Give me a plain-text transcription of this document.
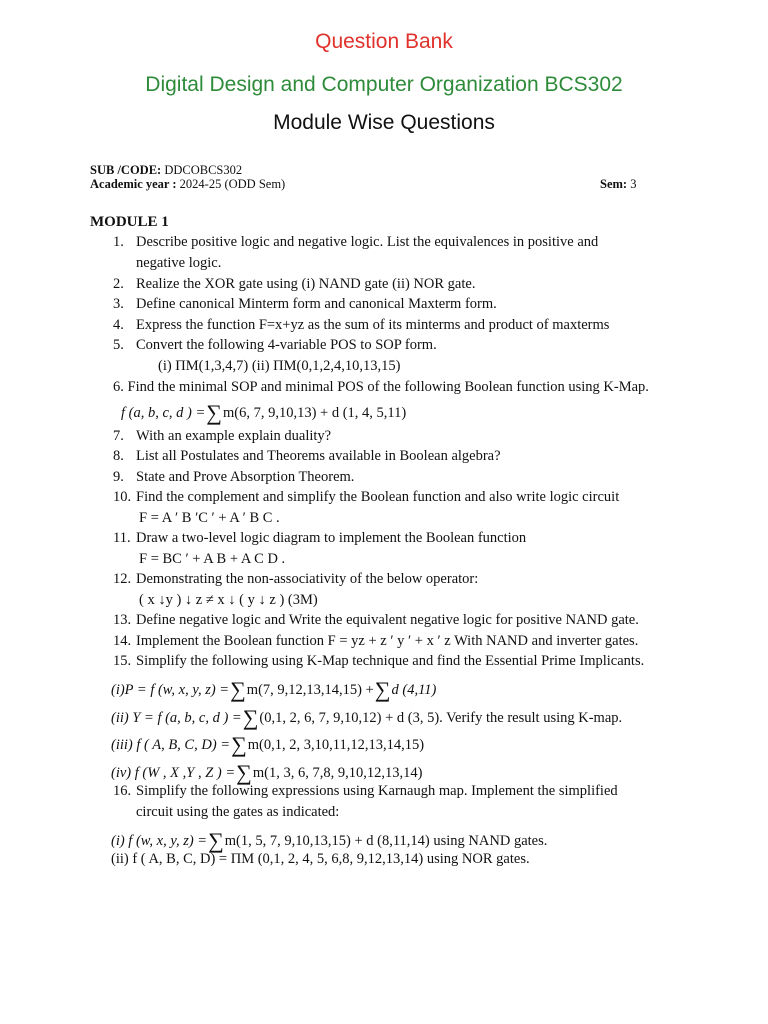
Question Bank
Digital Design and Computer Organization BCS302
Module Wise Questions
SUB /CODE: DDCOBCS302
Academic year : 2024-25 (ODD Sem)	Sem: 3
MODULE 1
1. Describe positive logic and negative logic. List the equivalences in positive and
negative logic.
2. Realize the XOR gate using (i) NAND gate (ii) NOR gate.
3. Define canonical Minterm form and canonical Maxterm form.
4. Express the function F=x+yz as the sum of its minterms and product of maxterms
5. Convert the following 4-variable POS to SOP form.
(i) ΠM(1,3,4,7) (ii) ΠM(0,1,2,4,10,13,15)
6. Find the minimal SOP and minimal POS of the following Boolean function using K-Map.
f (a, b, c, d ) =∑m(6, 7, 9,10,13) + d (1, 4, 5,11)
7. With an example explain duality?
8. List all Postulates and Theorems available in Boolean algebra?
9. State and Prove Absorption Theorem.
10. Find the complement and simplify the Boolean function and also write logic circuit
F = A ′ B ′C ′ + A ′ B C .
11. Draw a two-level logic diagram to implement the Boolean function
F = BC ′ + A B + A C D .
12. Demonstrating the non-associativity of the below operator:
( x ↓y ) ↓ z ≠ x ↓ ( y ↓ z ) (3M)
13. Define negative logic and Write the equivalent negative logic for positive NAND gate.
14. Implement the Boolean function F = yz + z ′ y ′ + x ′ z With NAND and inverter gates.
15. Simplify the following using K-Map technique and find the Essential Prime Implicants.
(i)P = f (w, x, y, z) =∑m(7, 9,12,13,14,15) +∑d (4,11)
(ii) Y = f (a, b, c, d ) =∑(0,1, 2, 6, 7, 9,10,12) + d (3, 5). Verify the result using K-map.
(iii) f ( A, B, C, D) =∑m(0,1, 2, 3,10,11,12,13,14,15)
(iv) f (W , X ,Y , Z ) =∑m(1, 3, 6, 7,8, 9,10,12,13,14)
16. Simplify the following expressions using Karnaugh map. Implement the simplified
circuit using the gates as indicated:
(i) f (w, x, y, z) =∑m(1, 5, 7, 9,10,13,15) + d (8,11,14) using NAND gates.
(ii) f ( A, B, C, D) = ΠM (0,1, 2, 4, 5, 6,8, 9,12,13,14) using NOR gates.
